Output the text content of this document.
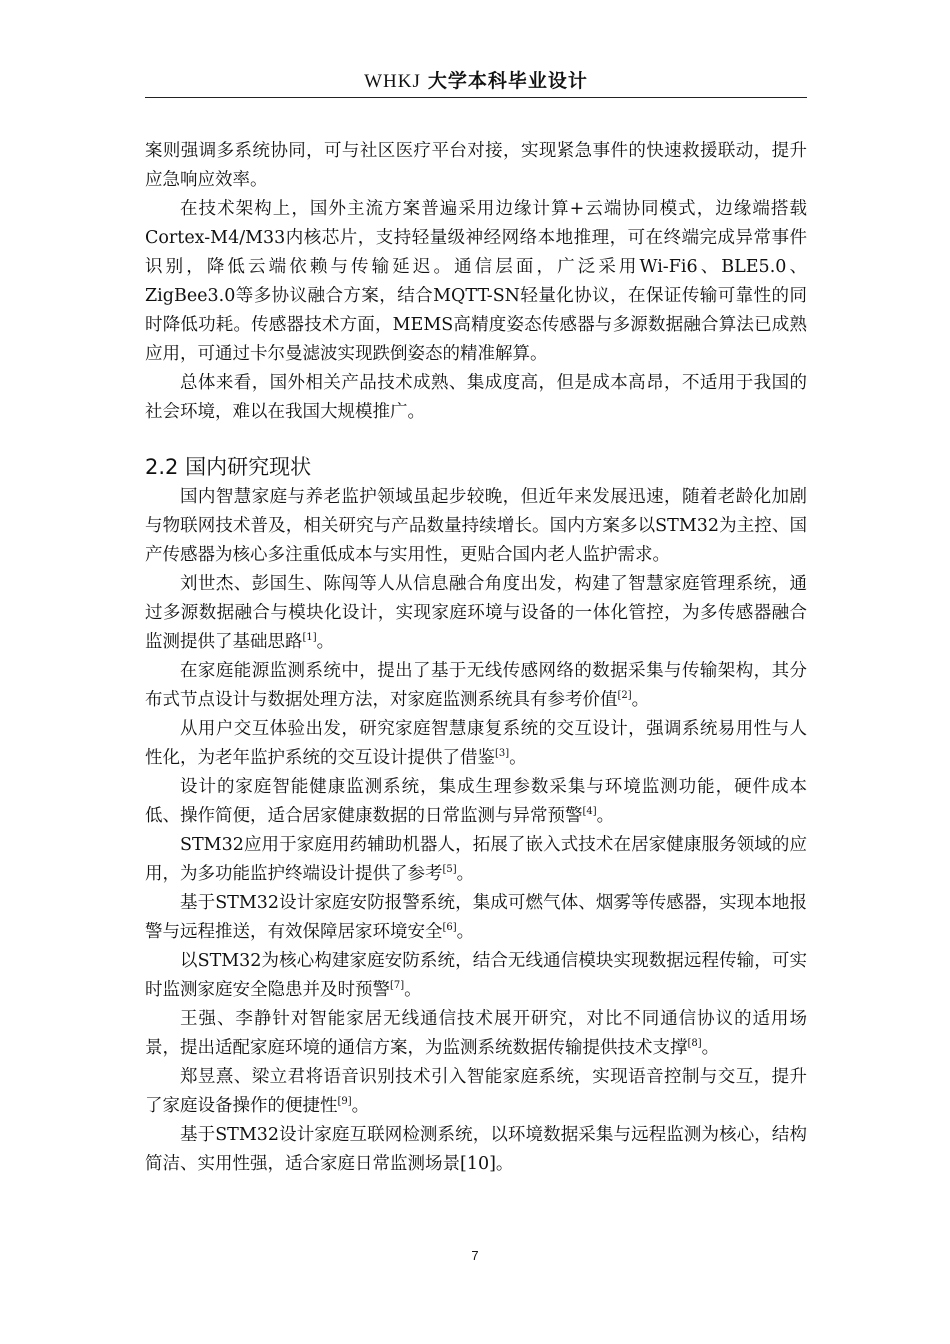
WHKJ 大学本科毕业设计

案则强调多系统协同，可与社区医疗平台对接，实现紧急事件的快速救援联动，提升应急响应效率。

在技术架构上，国外主流方案普遍采用边缘计算+云端协同模式，边缘端搭载Cortex-M4/M33内核芯片，支持轻量级神经网络本地推理，可在终端完成异常事件识别，降低云端依赖与传输延迟。通信层面，广泛采用Wi-Fi6、BLE5.0、ZigBee3.0等多协议融合方案，结合MQTT-SN轻量化协议，在保证传输可靠性的同时降低功耗。传感器技术方面，MEMS高精度姿态传感器与多源数据融合算法已成熟应用，可通过卡尔曼滤波实现跌倒姿态的精准解算。

总体来看，国外相关产品技术成熟、集成度高，但是成本高昂，不适用于我国的社会环境，难以在我国大规模推广。

2.2 国内研究现状

国内智慧家庭与养老监护领域虽起步较晚，但近年来发展迅速，随着老龄化加剧与物联网技术普及，相关研究与产品数量持续增长。国内方案多以STM32为主控、国产传感器为核心多注重低成本与实用性，更贴合国内老人监护需求。

刘世杰、彭国生、陈闯等人从信息融合角度出发，构建了智慧家庭管理系统，通过多源数据融合与模块化设计，实现家庭环境与设备的一体化管控，为多传感器融合监测提供了基础思路[1]。

在家庭能源监测系统中，提出了基于无线传感网络的数据采集与传输架构，其分布式节点设计与数据处理方法，对家庭监测系统具有参考价值[2]。

从用户交互体验出发，研究家庭智慧康复系统的交互设计，强调系统易用性与人性化，为老年监护系统的交互设计提供了借鉴[3]。

设计的家庭智能健康监测系统，集成生理参数采集与环境监测功能，硬件成本低、操作简便，适合居家健康数据的日常监测与异常预警[4]。

STM32应用于家庭用药辅助机器人，拓展了嵌入式技术在居家健康服务领域的应用，为多功能监护终端设计提供了参考[5]。

基于STM32设计家庭安防报警系统，集成可燃气体、烟雾等传感器，实现本地报警与远程推送，有效保障居家环境安全[6]。

以STM32为核心构建家庭安防系统，结合无线通信模块实现数据远程传输，可实时监测家庭安全隐患并及时预警[7]。

王强、李静针对智能家居无线通信技术展开研究，对比不同通信协议的适用场景，提出适配家庭环境的通信方案，为监测系统数据传输提供技术支撑[8]。

郑昱熹、梁立君将语音识别技术引入智能家庭系统，实现语音控制与交互，提升了家庭设备操作的便捷性[9]。

基于STM32设计家庭互联网检测系统，以环境数据采集与远程监测为核心，结构简洁、实用性强，适合家庭日常监测场景[10]。

7
